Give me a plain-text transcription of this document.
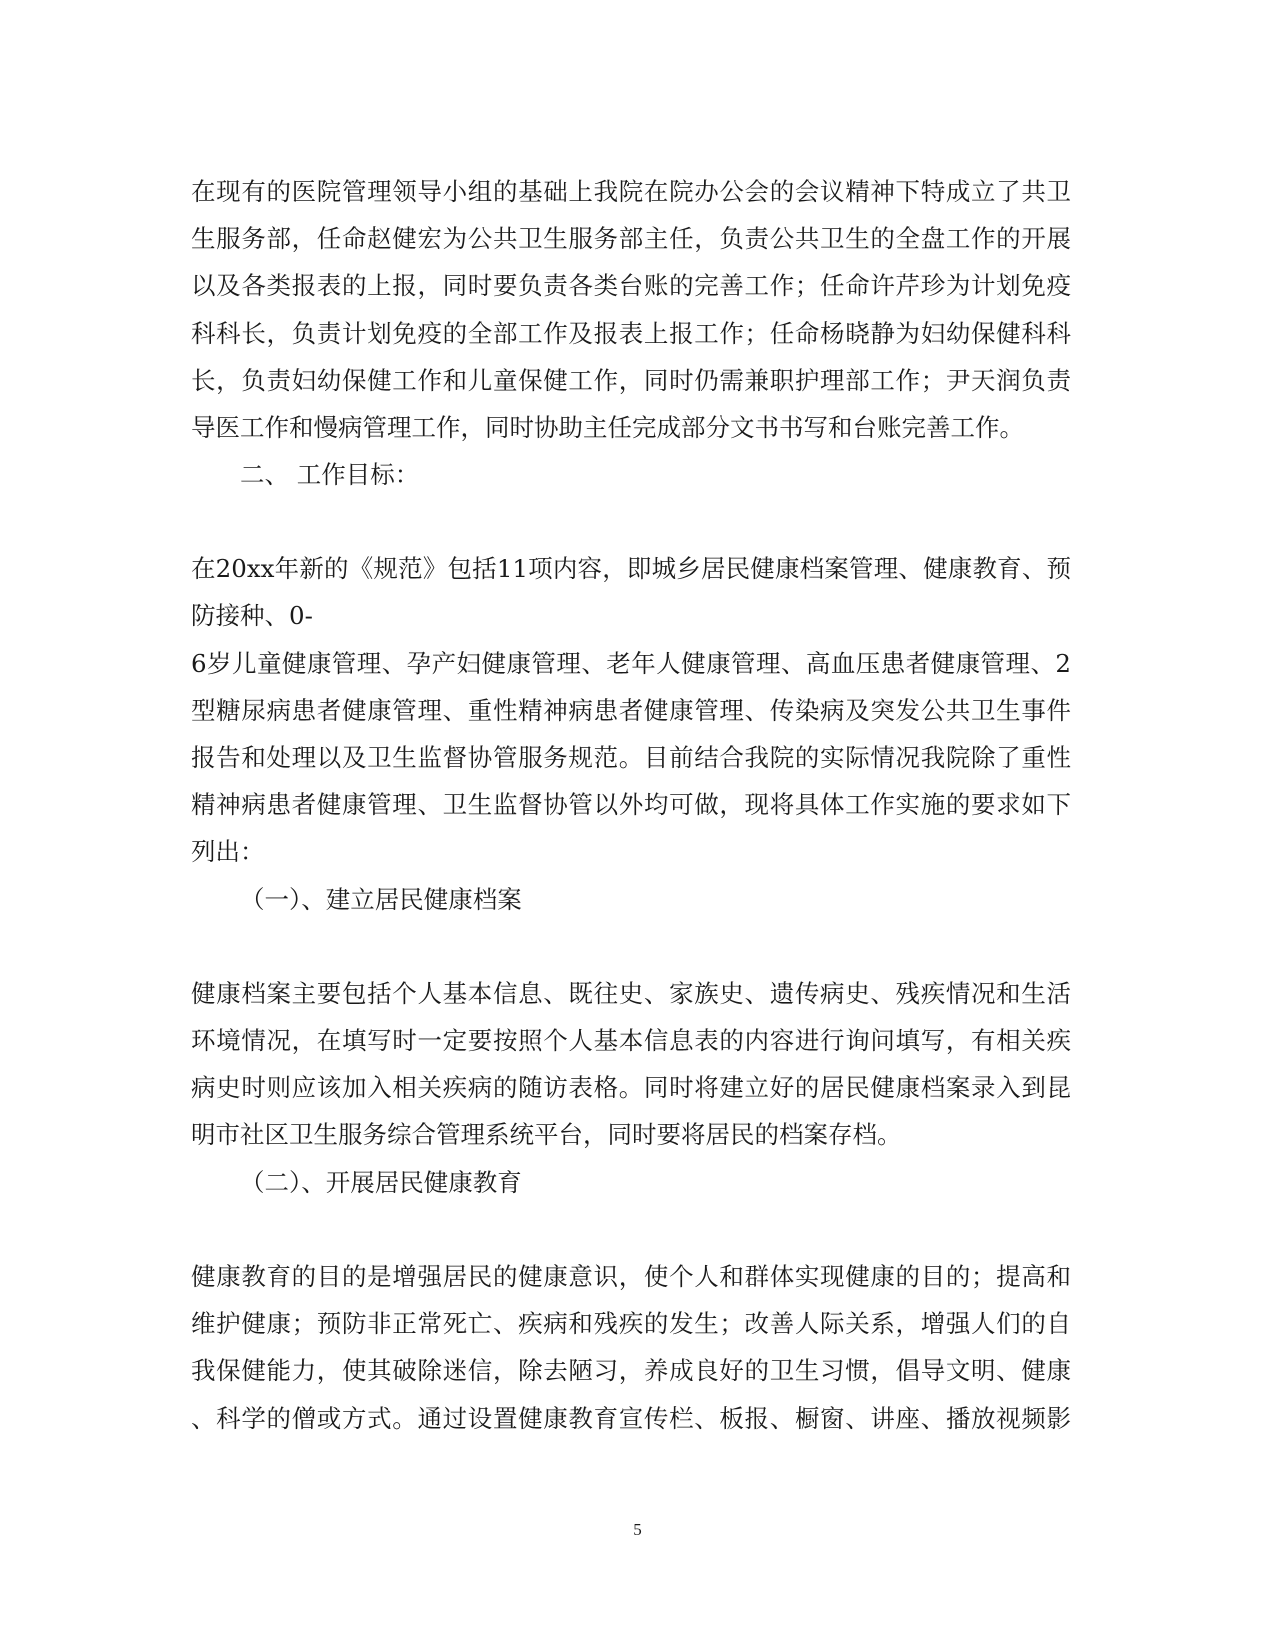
在现有的医院管理领导小组的基础上我院在院办公会的会议精神下特成立了共卫
生服务部，任命赵健宏为公共卫生服务部主任，负责公共卫生的全盘工作的开展
以及各类报表的上报，同时要负责各类台账的完善工作；任命许芹珍为计划免疫
科科长，负责计划免疫的全部工作及报表上报工作；任命杨晓静为妇幼保健科科
长，负责妇幼保健工作和儿童保健工作，同时仍需兼职护理部工作；尹天润负责
导医工作和慢病管理工作，同时协助主任完成部分文书书写和台账完善工作。
二、 工作目标：
在20xx年新的《规范》包括11项内容，即城乡居民健康档案管理、健康教育、预
防接种、0-
6岁儿童健康管理、孕产妇健康管理、老年人健康管理、高血压患者健康管理、2
型糖尿病患者健康管理、重性精神病患者健康管理、传染病及突发公共卫生事件
报告和处理以及卫生监督协管服务规范。目前结合我院的实际情况我院除了重性
精神病患者健康管理、卫生监督协管以外均可做，现将具体工作实施的要求如下
列出：
（一）、建立居民健康档案
健康档案主要包括个人基本信息、既往史、家族史、遗传病史、残疾情况和生活
环境情况，在填写时一定要按照个人基本信息表的内容进行询问填写，有相关疾
病史时则应该加入相关疾病的随访表格。同时将建立好的居民健康档案录入到昆
明市社区卫生服务综合管理系统平台，同时要将居民的档案存档。
（二）、开展居民健康教育
健康教育的目的是增强居民的健康意识，使个人和群体实现健康的目的；提高和
维护健康；预防非正常死亡、疾病和残疾的发生；改善人际关系，增强人们的自
我保健能力，使其破除迷信，除去陋习，养成良好的卫生习惯，倡导文明、健康
、科学的僧或方式。通过设置健康教育宣传栏、板报、橱窗、讲座、播放视频影
5
